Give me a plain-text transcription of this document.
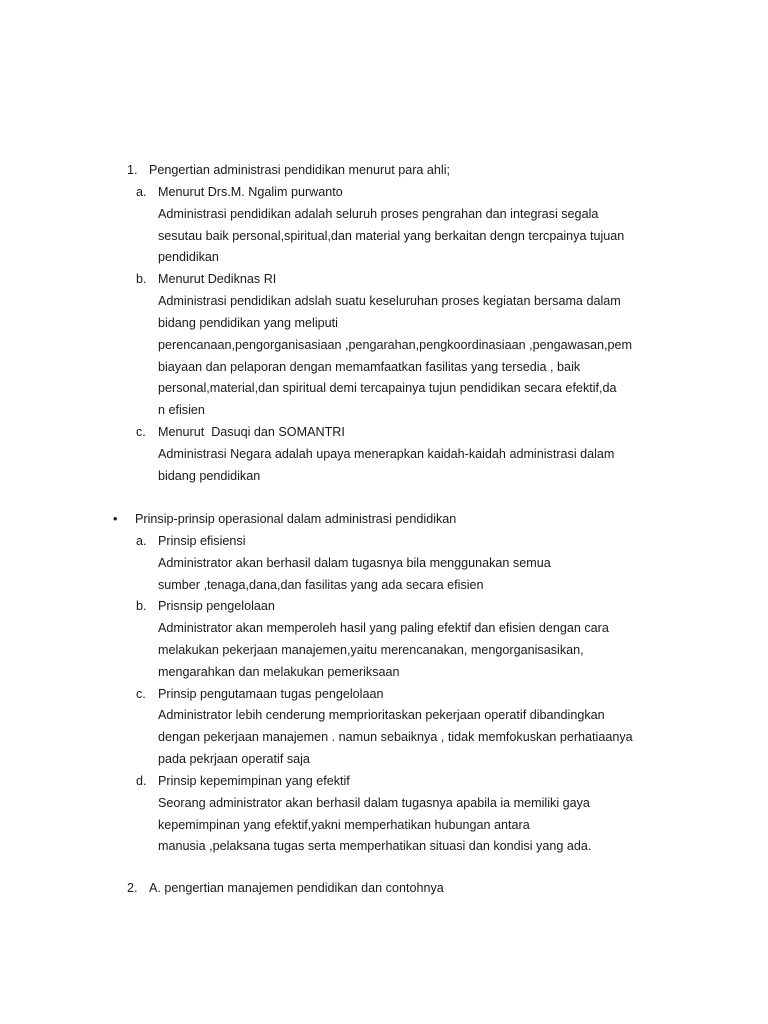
1. Pengertian administrasi pendidikan menurut para ahli;
a. Menurut Drs.M. Ngalim purwanto
Administrasi pendidikan adalah seluruh proses pengrahan dan integrasi segala
sesutau baik personal,spiritual,dan material yang berkaitan dengn tercpainya tujuan
pendidikan
b. Menurut Dediknas RI
Administrasi pendidikan adslah suatu keseluruhan proses kegiatan bersama dalam
bidang pendidikan yang meliputi
perencanaan,pengorganisasiaan ,pengarahan,pengkoordinasiaan ,pengawasan,pem
biayaan dan pelaporan dengan memamfaatkan fasilitas yang tersedia , baik
personal,material,dan spiritual demi tercapainya tujun pendidikan secara efektif,da
n efisien
c. Menurut  Dasuqi dan SOMANTRI
Administrasi Negara adalah upaya menerapkan kaidah-kaidah administrasi dalam
bidang pendidikan
• Prinsip-prinsip operasional dalam administrasi pendidikan
a. Prinsip efisiensi
Administrator akan berhasil dalam tugasnya bila menggunakan semua
sumber ,tenaga,dana,dan fasilitas yang ada secara efisien
b. Prisnsip pengelolaan
Administrator akan memperoleh hasil yang paling efektif dan efisien dengan cara
melakukan pekerjaan manajemen,yaitu merencanakan, mengorganisasikan,
mengarahkan dan melakukan pemeriksaan
c. Prinsip pengutamaan tugas pengelolaan
Administrator lebih cenderung memprioritaskan pekerjaan operatif dibandingkan
dengan pekerjaan manajemen . namun sebaiknya , tidak memfokuskan perhatiaanya
pada pekrjaan operatif saja
d. Prinsip kepemimpinan yang efektif
Seorang administrator akan berhasil dalam tugasnya apabila ia memiliki gaya
kepemimpinan yang efektif,yakni memperhatikan hubungan antara
manusia ,pelaksana tugas serta memperhatikan situasi dan kondisi yang ada.
2. A. pengertian manajemen pendidikan dan contohnya
